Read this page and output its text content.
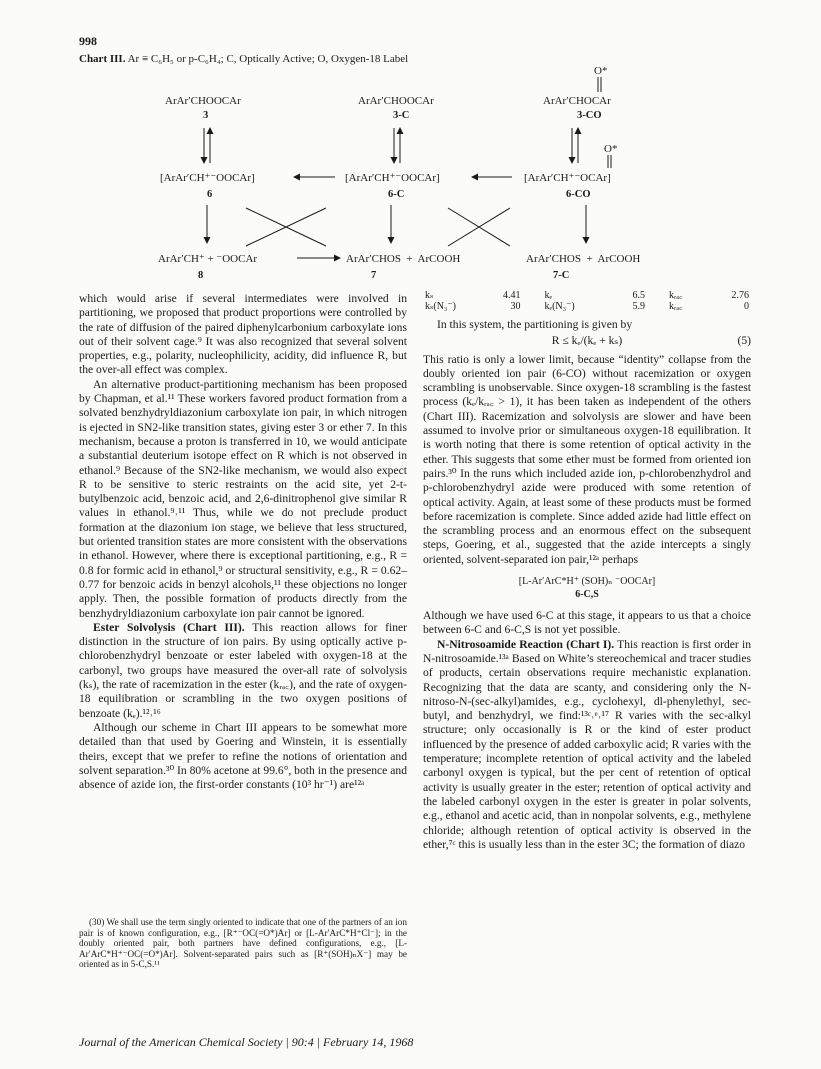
998
Chart III. Ar ≡ C₆H₅ or p-C₆H₄; C, Optically Active; O, Oxygen-18 Label
O*
ArAr′CHOOCAr
3
ArAr′CHOOCAr
3-C
ArAr′CHOCAr
3-CO
O*
[ArAr′CH⁺⁻OOCAr]
6
[ArAr′CH⁺⁻OOCAr]
6-C
[ArAr′CH⁺⁻OCAr]
6-CO
ArAr′CH⁺ + ⁻OOCAr
8
ArAr′CHOS  +  ArCOOH
7
ArAr′CHOS  +  ArCOOH
7-C

which would arise if several intermediates were involved in partitioning, we proposed that product proportions were controlled by the rate of diffusion of the paired diphenylcarbonium carboxylate ions out of their solvent cage.⁹ It was also recognized that several solvent properties, e.g., polarity, nucleophilicity, acidity, did influence R, but the over-all effect was complex.

An alternative product-partitioning mechanism has been proposed by Chapman, et al.¹¹ These workers favored product formation from a solvated benzhydryldiazonium carboxylate ion pair, in which nitrogen is ejected in SN2-like transition states, giving ester 3 or ether 7. In this mechanism, because a proton is transferred in 10, we would anticipate a substantial deuterium isotope effect on R which is not observed in ethanol.⁹ Because of the SN2-like mechanism, we would also expect R to be sensitive to steric restraints on the acid site, yet 2-t-butylbenzoic acid, benzoic acid, and 2,6-dinitrophenol give similar R values in ethanol.⁹˒¹¹ Thus, while we do not preclude product formation at the diazonium ion stage, we believe that less structured, but oriented transition states are more consistent with the observations in ethanol. However, where there is exceptional partitioning, e.g., R = 0.8 for formic acid in ethanol,⁹ or structural sensitivity, e.g., R = 0.62–0.77 for benzoic acids in benzyl alcohols,¹¹ these objections no longer apply. Then, the possible formation of products directly from the benzhydryldiazonium carboxylate ion pair cannot be ignored.

Ester Solvolysis (Chart III). This reaction allows for finer distinction in the structure of ion pairs. By using optically active p-chlorobenzhydryl benzoate or ester labeled with oxygen-18 at the carbonyl, two groups have measured the over-all rate of solvolysis (kₛ), the rate of racemization in the ester (kᵣₐ꜀), and the rate of oxygen-18 equilibration or scrambling in the two oxygen positions of benzoate (kₑ).¹²˒¹⁶

Although our scheme in Chart III appears to be somewhat more detailed than that used by Goering and Winstein, it is essentially theirs, except that we prefer to refine the notions of orientation and solvent separation.³⁰ In 80% acetone at 99.6°, both in the presence and absence of azide ion, the first-order constants (10³ hr⁻¹) are¹²ᵃ

(30) We shall use the term singly oriented to indicate that one of the partners of an ion pair is of known configuration, e.g., [R⁺⁻OC(=O*)Ar] or [L-Ar′ArC*H⁺Cl⁻]; in the doubly oriented pair, both partners have defined configurations, e.g., [L-Ar′ArC*H⁺⁻OC(=O*)Ar]. Solvent-separated pairs such as [R⁺(SOH)ₙX⁻] may be oriented as in 5-C,S.¹¹
kₛ	4.41	kₑ	6.5	kᵣₐ꜀	2.76
kₛ(N₃⁻)	30	kₑ(N₃⁻)	5.9	kᵣₐ꜀	0

In this system, the partitioning is given by

R ≤ kₑ/(kₑ + kₛ)	(5)

This ratio is only a lower limit, because “identity” collapse from the doubly oriented ion pair (6-CO) without racemization or oxygen scrambling is unobservable. Since oxygen-18 scrambling is the fastest process (kₑ/kᵣₐ꜀ > 1), it has been taken as independent of the others (Chart III). Racemization and solvolysis are slower and have been assumed to involve prior or simultaneous oxygen-18 equilibration. It is worth noting that there is some retention of optical activity in the ether. This suggests that some ether must be formed from oriented ion pairs.³⁰ In the runs which included azide ion, p-chlorobenzhydrol and p-chlorobenzhydryl azide were produced with some retention of optical activity. Again, at least some of these products must be formed before racemization is complete. Since added azide had little effect on the scrambling process and an enormous effect on the subsequent steps, Goering, et al., suggested that the azide intercepts a singly oriented, solvent-separated ion pair,¹²ᵃ perhaps

[L-Ar′ArC*H⁺ (SOH)ₙ ⁻OOCAr]
6-C,S

Although we have used 6-C at this stage, it appears to us that a choice between 6-C and 6-C,S is not yet possible.

N-Nitrosoamide Reaction (Chart I). This reaction is first order in N-nitrosoamide.¹³ᵃ Based on White’s stereochemical and tracer studies of products, certain observations require mechanistic explanation. Recognizing that the data are scanty, and considering only the N-nitroso-N-(sec-alkyl)amides, e.g., cyclohexyl, dl-phenylethyl, sec-butyl, and benzhydryl, we find:¹³ᶜ˒ᵉ˒¹⁷ R varies with the sec-alkyl structure; only occasionally is R or the kind of ester product influenced by the presence of added carboxylic acid; R varies with the temperature; incomplete retention of optical activity and the labeled carbonyl oxygen is typical, but the per cent of retention of optical activity is usually greater in the ester; retention of optical activity and the labeled carbonyl oxygen in the ester is greater in polar solvents, e.g., ethanol and acetic acid, than in nonpolar solvents, e.g., methylene chloride; although retention of optical activity is observed in the ether,⁷ᶜ this is usually less than in the ester 3C; the formation of diazo

Journal of the American Chemical Society | 90:4 | February 14, 1968
